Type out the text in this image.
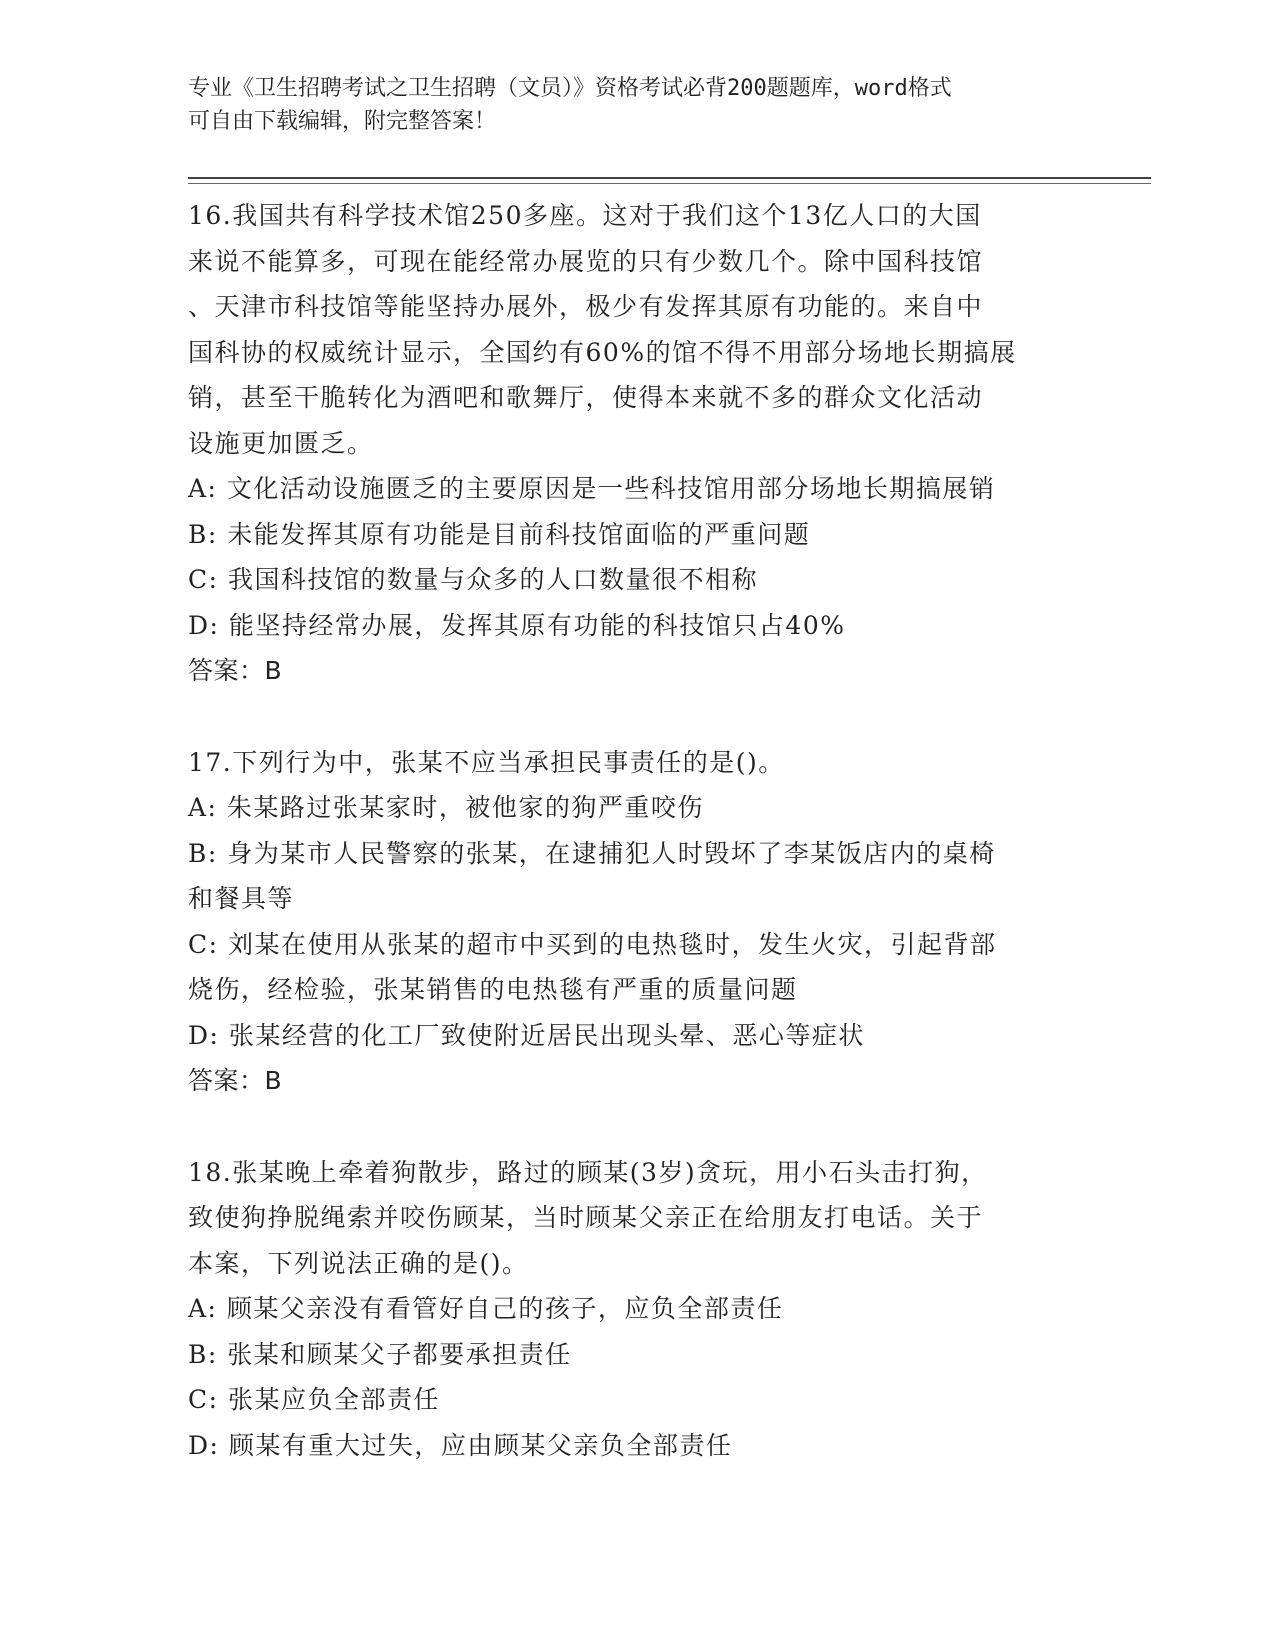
专业《卫生招聘考试之卫生招聘（文员）》资格考试必背200题题库，word格式
可自由下载编辑，附完整答案！
16.我国共有科学技术馆250多座。这对于我们这个13亿人口的大国
来说不能算多，可现在能经常办展览的只有少数几个。除中国科技馆
、天津市科技馆等能坚持办展外，极少有发挥其原有功能的。来自中
国科协的权威统计显示，全国约有60%的馆不得不用部分场地长期搞展
销，甚至干脆转化为酒吧和歌舞厅，使得本来就不多的群众文化活动
设施更加匮乏。
A: 文化活动设施匮乏的主要原因是一些科技馆用部分场地长期搞展销
B: 未能发挥其原有功能是目前科技馆面临的严重问题
C: 我国科技馆的数量与众多的人口数量很不相称
D: 能坚持经常办展，发挥其原有功能的科技馆只占40%
答案：B
17.下列行为中，张某不应当承担民事责任的是()。
A: 朱某路过张某家时，被他家的狗严重咬伤
B: 身为某市人民警察的张某，在逮捕犯人时毁坏了李某饭店内的桌椅
和餐具等
C: 刘某在使用从张某的超市中买到的电热毯时，发生火灾，引起背部
烧伤，经检验，张某销售的电热毯有严重的质量问题
D: 张某经营的化工厂致使附近居民出现头晕、恶心等症状
答案：B
18.张某晚上牵着狗散步，路过的顾某(3岁)贪玩，用小石头击打狗，
致使狗挣脱绳索并咬伤顾某，当时顾某父亲正在给朋友打电话。关于
本案，下列说法正确的是()。
A: 顾某父亲没有看管好自己的孩子，应负全部责任
B: 张某和顾某父子都要承担责任
C: 张某应负全部责任
D: 顾某有重大过失，应由顾某父亲负全部责任
